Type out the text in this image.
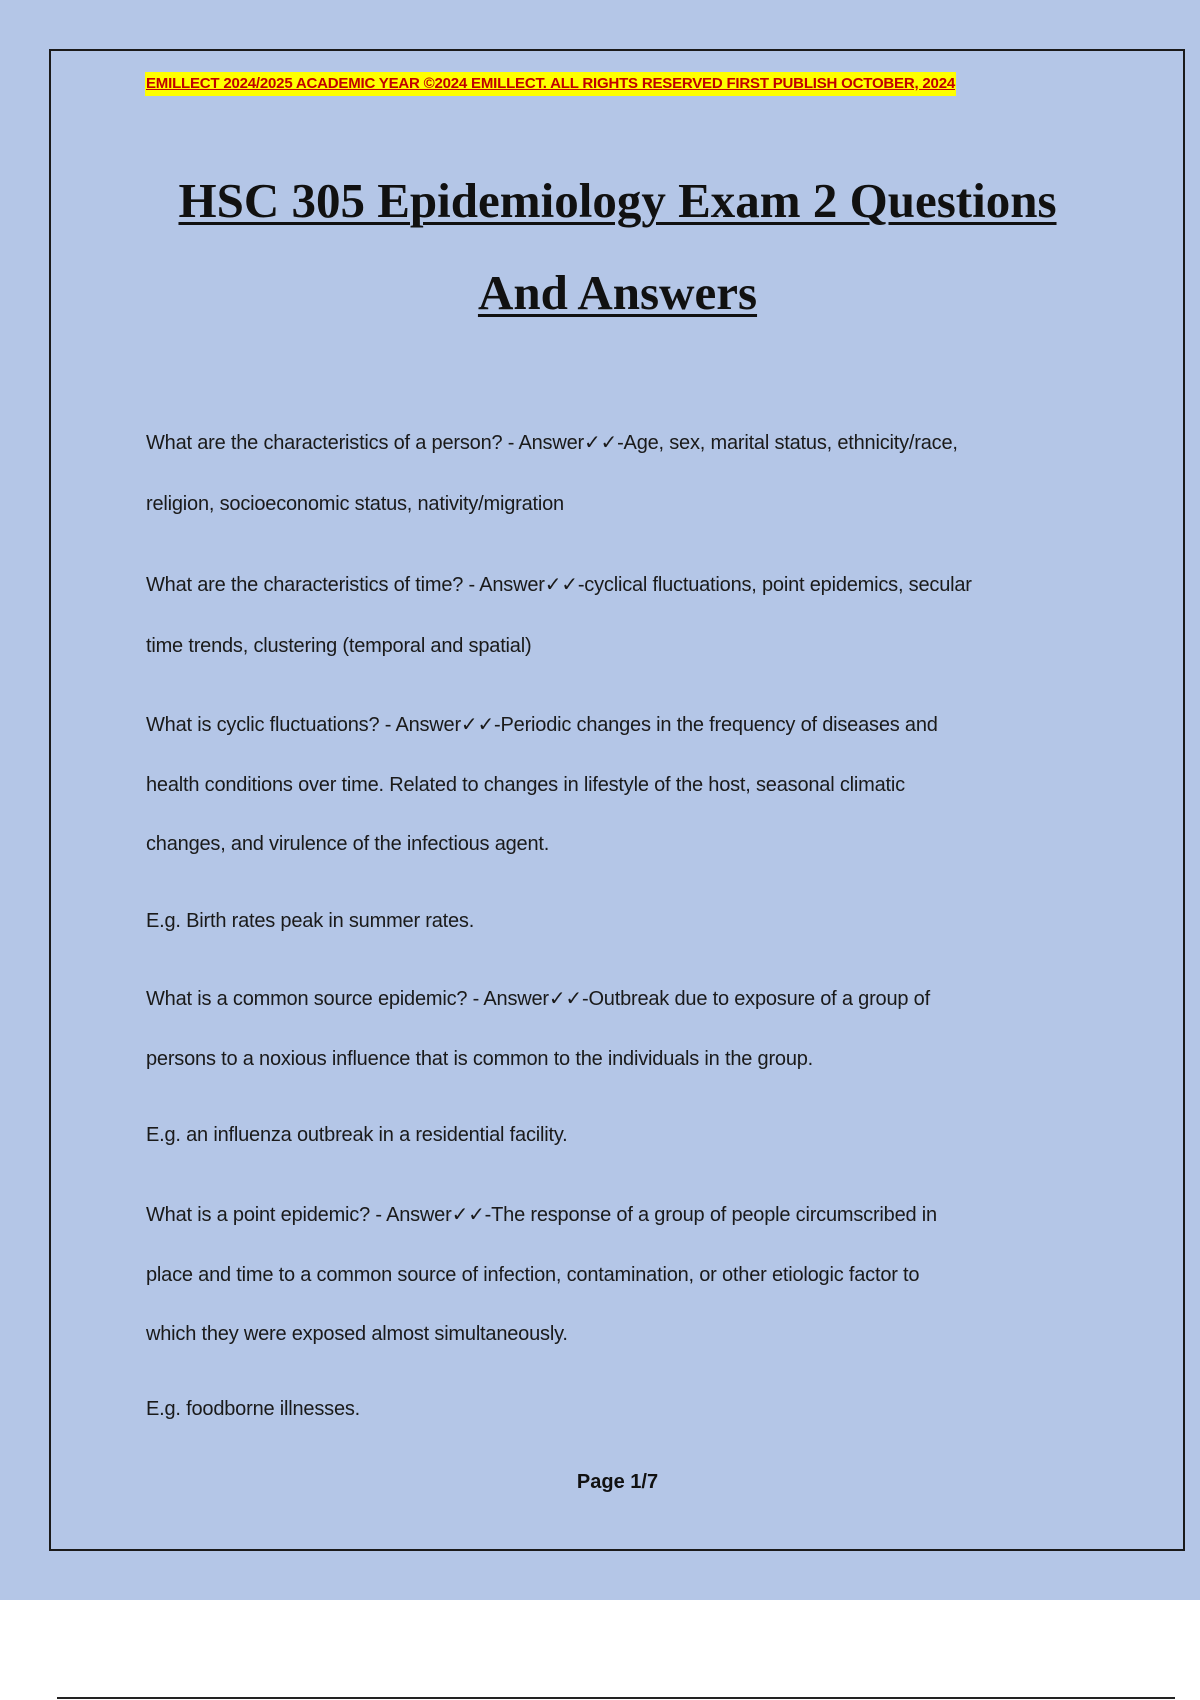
EMILLECT 2024/2025 ACADEMIC YEAR ©2024 EMILLECT. ALL RIGHTS RESERVED FIRST PUBLISH OCTOBER, 2024
HSC 305 Epidemiology Exam 2 Questions
And Answers
What are the characteristics of a person? - Answer✓✓-Age, sex, marital status, ethnicity/race,
religion, socioeconomic status, nativity/migration
What are the characteristics of time? - Answer✓✓-cyclical fluctuations, point epidemics, secular
time trends, clustering (temporal and spatial)
What is cyclic fluctuations? - Answer✓✓-Periodic changes in the frequency of diseases and
health conditions over time. Related to changes in lifestyle of the host, seasonal climatic
changes, and virulence of the infectious agent.
E.g. Birth rates peak in summer rates.
What is a common source epidemic? - Answer✓✓-Outbreak due to exposure of a group of
persons to a noxious influence that is common to the individuals in the group.
E.g. an influenza outbreak in a residential facility.
What is a point epidemic? - Answer✓✓-The response of a group of people circumscribed in
place and time to a common source of infection, contamination, or other etiologic factor to
which they were exposed almost simultaneously.
E.g. foodborne illnesses.
Page 1/7
